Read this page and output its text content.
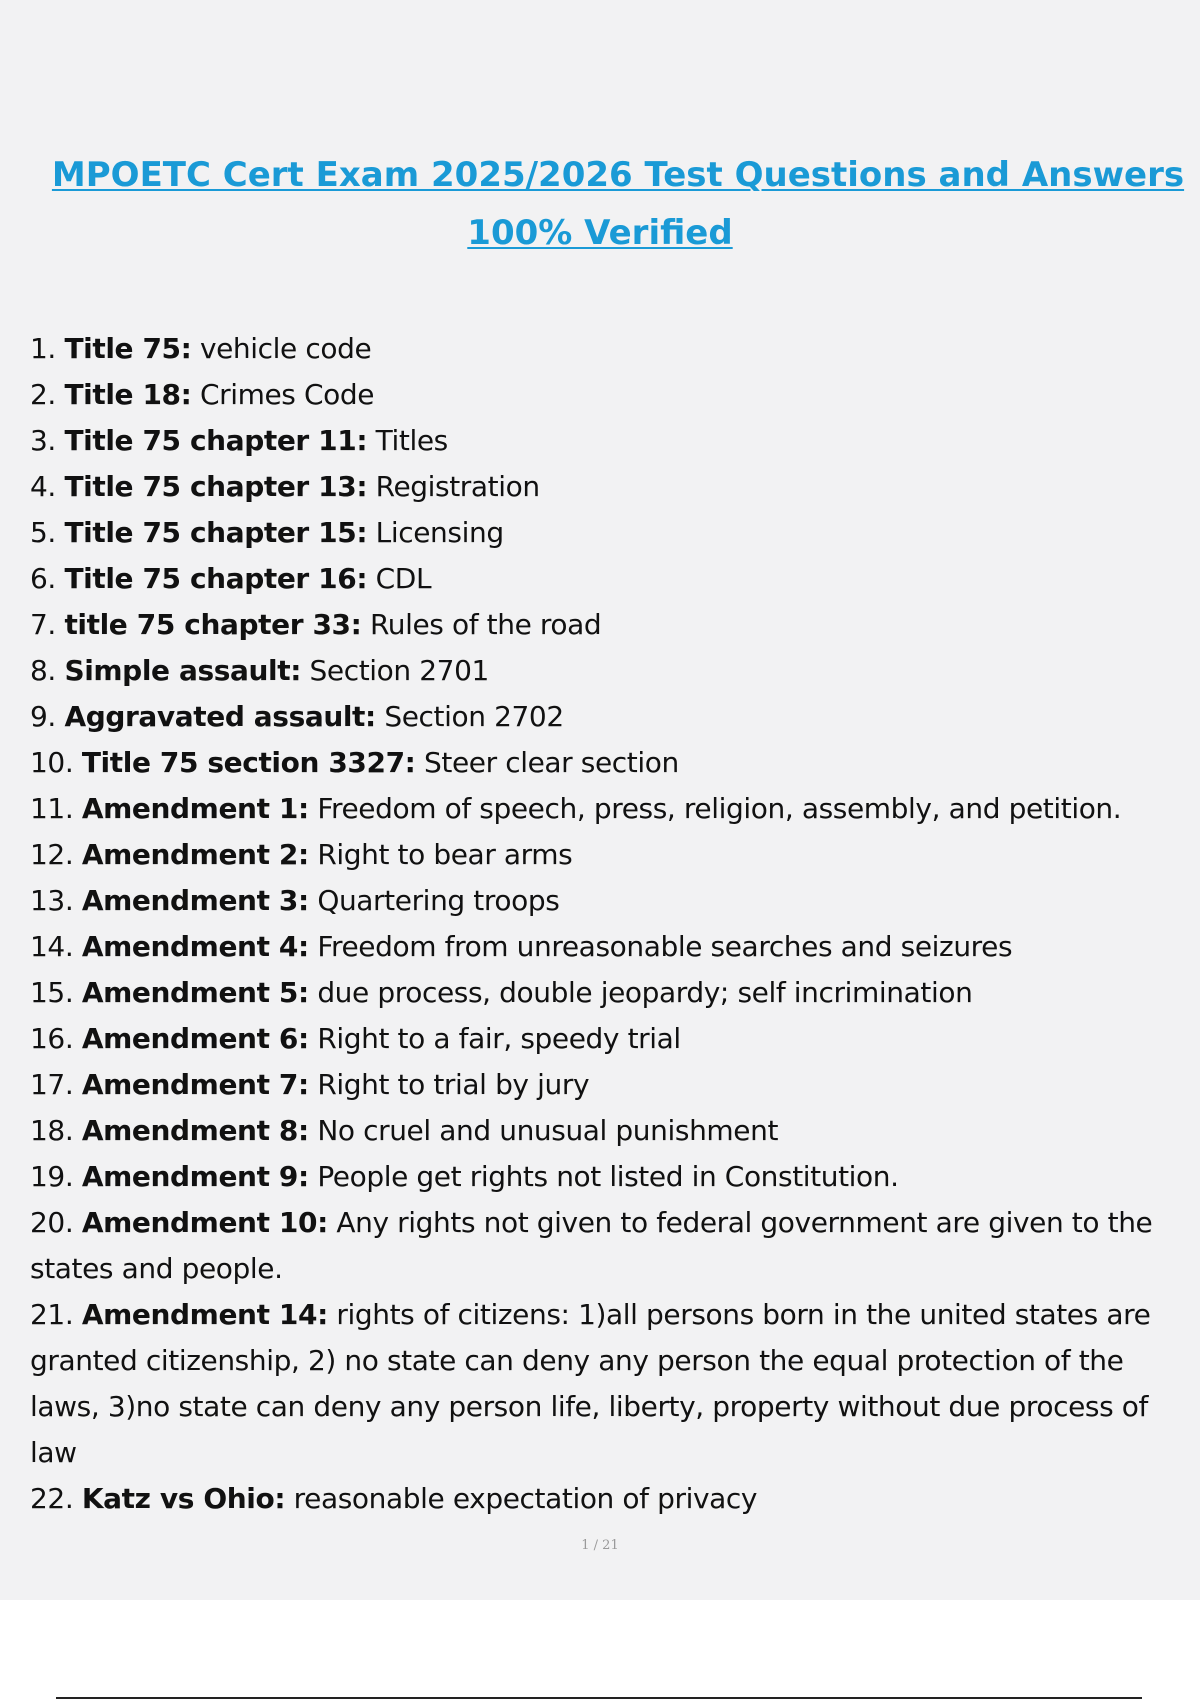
MPOETC Cert Exam 2025/2026 Test Questions and Answers
100% Verified
1. Title 75: vehicle code
2. Title 18: Crimes Code
3. Title 75 chapter 11: Titles
4. Title 75 chapter 13: Registration
5. Title 75 chapter 15: Licensing
6. Title 75 chapter 16: CDL
7. title 75 chapter 33: Rules of the road
8. Simple assault: Section 2701
9. Aggravated assault: Section 2702
10. Title 75 section 3327: Steer clear section
11. Amendment 1: Freedom of speech, press, religion, assembly, and petition.
12. Amendment 2: Right to bear arms
13. Amendment 3: Quartering troops
14. Amendment 4: Freedom from unreasonable searches and seizures
15. Amendment 5: due process, double jeopardy; self incrimination
16. Amendment 6: Right to a fair, speedy trial
17. Amendment 7: Right to trial by jury
18. Amendment 8: No cruel and unusual punishment
19. Amendment 9: People get rights not listed in Constitution.
20. Amendment 10: Any rights not given to federal government are given to the states and people.
21. Amendment 14: rights of citizens: 1)all persons born in the united states are granted citizenship, 2) no state can deny any person the equal protection of the laws, 3)no state can deny any person life, liberty, property without due process of law
22. Katz vs Ohio: reasonable expectation of privacy
1 / 21
